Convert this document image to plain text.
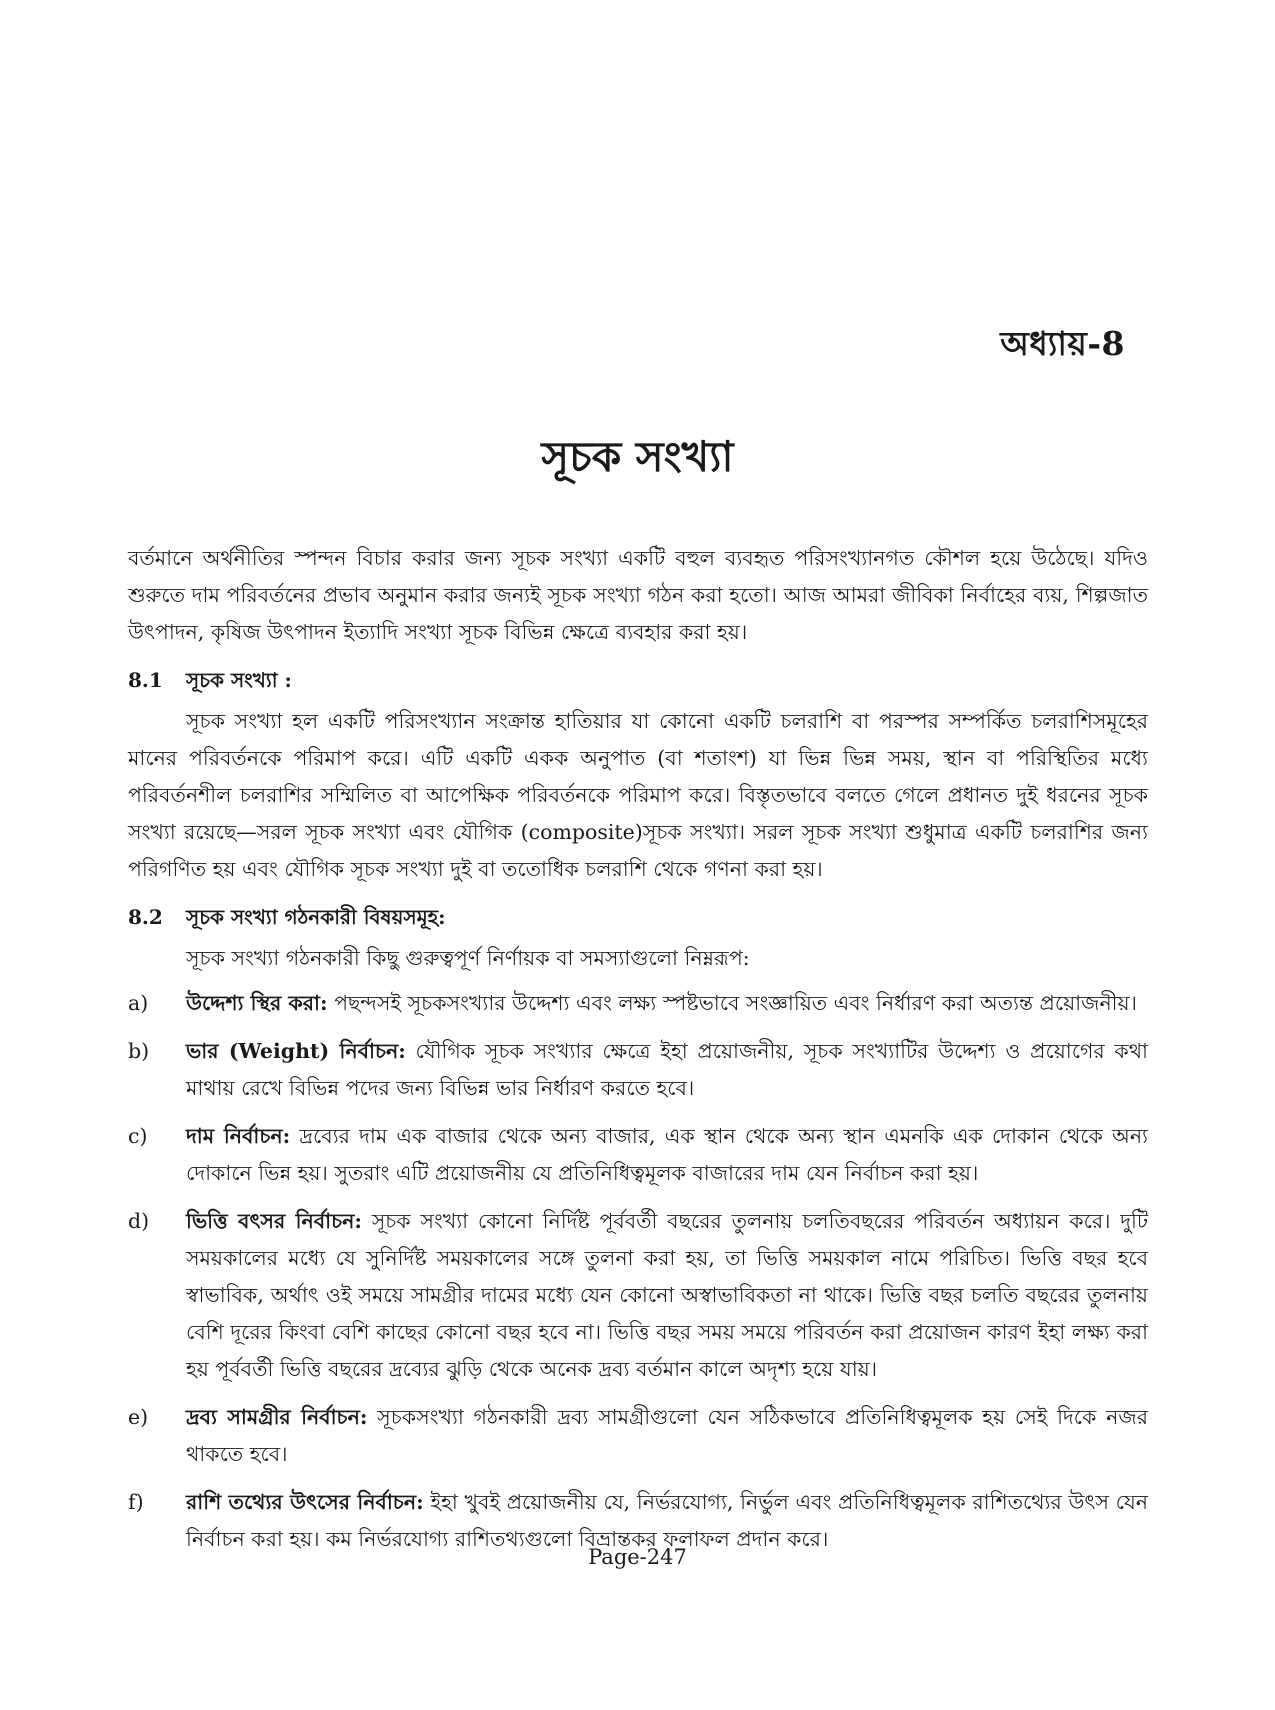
অধ্যায়-8
সূচক সংখ্যা

বর্তমানে অর্থনীতির স্পন্দন বিচার করার জন্য সূচক সংখ্যা একটি বহুল ব্যবহৃত পরিসংখ্যানগত কৌশল হয়ে উঠেছে। যদিও শুরুতে দাম পরিবর্তনের প্রভাব অনুমান করার জন্যই সূচক সংখ্যা গঠন করা হতো। আজ আমরা জীবিকা নির্বাহের ব্যয়, শিল্পজাত উৎপাদন, কৃষিজ উৎপাদন ইত্যাদি সংখ্যা সূচক বিভিন্ন ক্ষেত্রে ব্যবহার করা হয়।

8.1	সূচক সংখ্যা :

সূচক সংখ্যা হল একটি পরিসংখ্যান সংক্রান্ত হাতিয়ার যা কোনো একটি চলরাশি বা পরস্পর সম্পর্কিত চলরাশিসমূহের মানের পরিবর্তনকে পরিমাপ করে। এটি একটি একক অনুপাত (বা শতাংশ) যা ভিন্ন ভিন্ন সময়, স্থান বা পরিস্থিতির মধ্যে পরিবর্তনশীল চলরাশির সম্মিলিত বা আপেক্ষিক পরিবর্তনকে পরিমাপ করে। বিস্তৃতভাবে বলতে গেলে প্রধানত দুই ধরনের সূচক সংখ্যা রয়েছে—সরল সূচক সংখ্যা এবং যৌগিক (composite)সূচক সংখ্যা। সরল সূচক সংখ্যা শুধুমাত্র একটি চলরাশির জন্য পরিগণিত হয় এবং যৌগিক সূচক সংখ্যা দুই বা ততোধিক চলরাশি থেকে গণনা করা হয়।

8.2	সূচক সংখ্যা গঠনকারী বিষয়সমূহ:
সূচক সংখ্যা গঠনকারী কিছু গুরুত্বপূর্ণ নির্ণায়ক বা সমস্যাগুলো নিম্নরূপ:
a)	উদ্দেশ্য স্থির করা: পছন্দসই সূচকসংখ্যার উদ্দেশ্য এবং লক্ষ্য স্পষ্টভাবে সংজ্ঞায়িত এবং নির্ধারণ করা অত্যন্ত প্রয়োজনীয়।
b)	ভার (Weight) নির্বাচন: যৌগিক সূচক সংখ্যার ক্ষেত্রে ইহা প্রয়োজনীয়, সূচক সংখ্যাটির উদ্দেশ্য ও প্রয়োগের কথা মাথায় রেখে বিভিন্ন পদের জন্য বিভিন্ন ভার নির্ধারণ করতে হবে।
c)	দাম নির্বাচন: দ্রব্যের দাম এক বাজার থেকে অন্য বাজার, এক স্থান থেকে অন্য স্থান এমনকি এক দোকান থেকে অন্য দোকানে ভিন্ন হয়। সুতরাং এটি প্রয়োজনীয় যে প্রতিনিধিত্বমূলক বাজারের দাম যেন নির্বাচন করা হয়।
d)	ভিত্তি বৎসর নির্বাচন: সূচক সংখ্যা কোনো নির্দিষ্ট পূর্ববর্তী বছরের তুলনায় চলতিবছরের পরিবর্তন অধ্যায়ন করে। দুটি সময়কালের মধ্যে যে সুনির্দিষ্ট সময়কালের সঙ্গে তুলনা করা হয়, তা ভিত্তি সময়কাল নামে পরিচিত। ভিত্তি বছর হবে স্বাভাবিক, অর্থাৎ ওই সময়ে সামগ্রীর দামের মধ্যে যেন কোনো অস্বাভাবিকতা না থাকে। ভিত্তি বছর চলতি বছরের তুলনায় বেশি দূরের কিংবা বেশি কাছের কোনো বছর হবে না। ভিত্তি বছর সময় সময়ে পরিবর্তন করা প্রয়োজন কারণ ইহা লক্ষ্য করা হয় পূর্ববর্তী ভিত্তি বছরের দ্রব্যের ঝুড়ি থেকে অনেক দ্রব্য বর্তমান কালে অদৃশ্য হয়ে যায়।
e)	দ্রব্য সামগ্রীর নির্বাচন: সূচকসংখ্যা গঠনকারী দ্রব্য সামগ্রীগুলো যেন সঠিকভাবে প্রতিনিধিত্বমূলক হয় সেই দিকে নজর থাকতে হবে।
f)	রাশি তথ্যের উৎসের নির্বাচন: ইহা খুবই প্রয়োজনীয় যে, নির্ভরযোগ্য, নির্ভুল এবং প্রতিনিধিত্বমূলক রাশিতথ্যের উৎস যেন নির্বাচন করা হয়। কম নির্ভরযোগ্য রাশিতথ্যগুলো বিভ্রান্তকর ফলাফল প্রদান করে।
Page-247
